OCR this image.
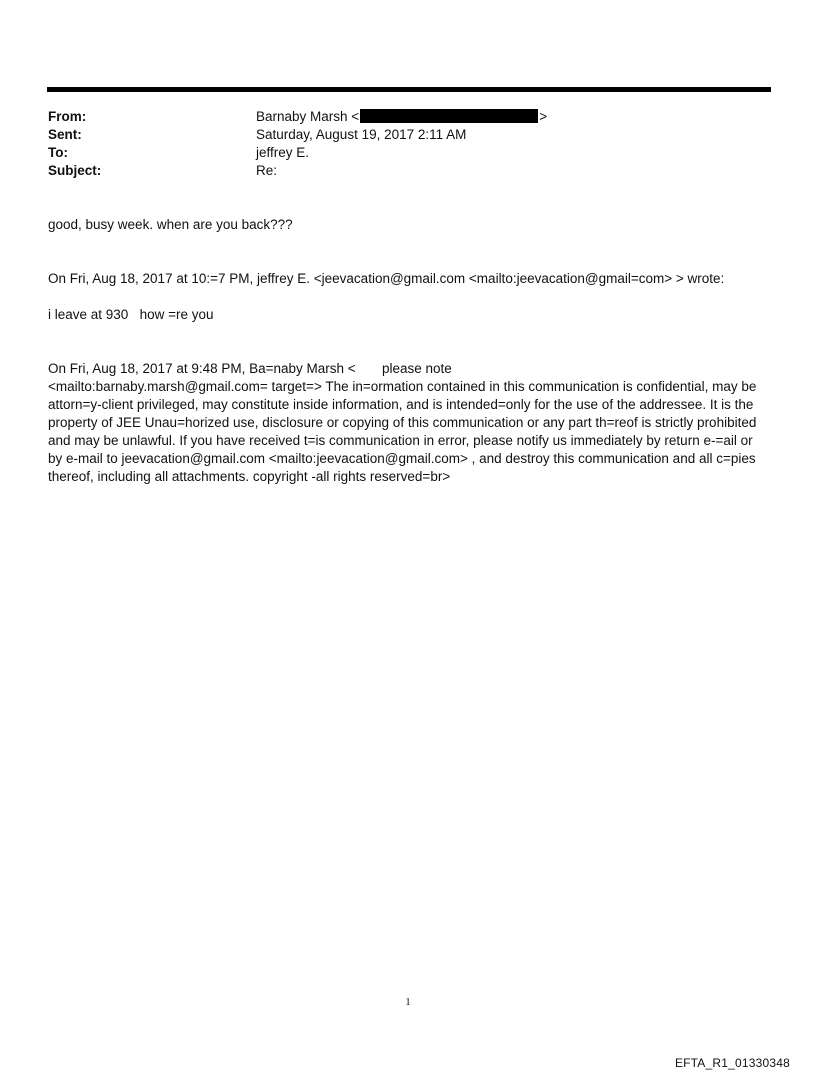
From:	Barnaby Marsh <	>
Sent:	Saturday, August 19, 2017 2:11 AM
To:	jeffrey E.
Subject:	Re:
good, busy week. when are you back???
On Fri, Aug 18, 2017 at 10:=7 PM, jeffrey E. <jeevacation@gmail.com <mailto:jeevacation@gmail=com> > wrote:
i leave at 930 how =re you
On Fri, Aug 18, 2017 at 9:48 PM, Ba=naby Marsh < please note
<mailto:barnaby.marsh@gmail.com= target=> The in=ormation contained in this communication is confidential, may be attorn=y-client privileged, may constitute inside information, and is intended=only for the use of the addressee. It is the property of JEE Unau=horized use, disclosure or copying of this communication or any part th=reof is strictly prohibited and may be unlawful. If you have received t=is communication in error, please notify us immediately by return e-=ail or by e-mail to jeevacation@gmail.com <mailto:jeevacation@gmail.com> , and destroy this communication and all c=pies thereof, including all attachments. copyright -all rights reserved=br>
1
EFTA_R1_01330348
